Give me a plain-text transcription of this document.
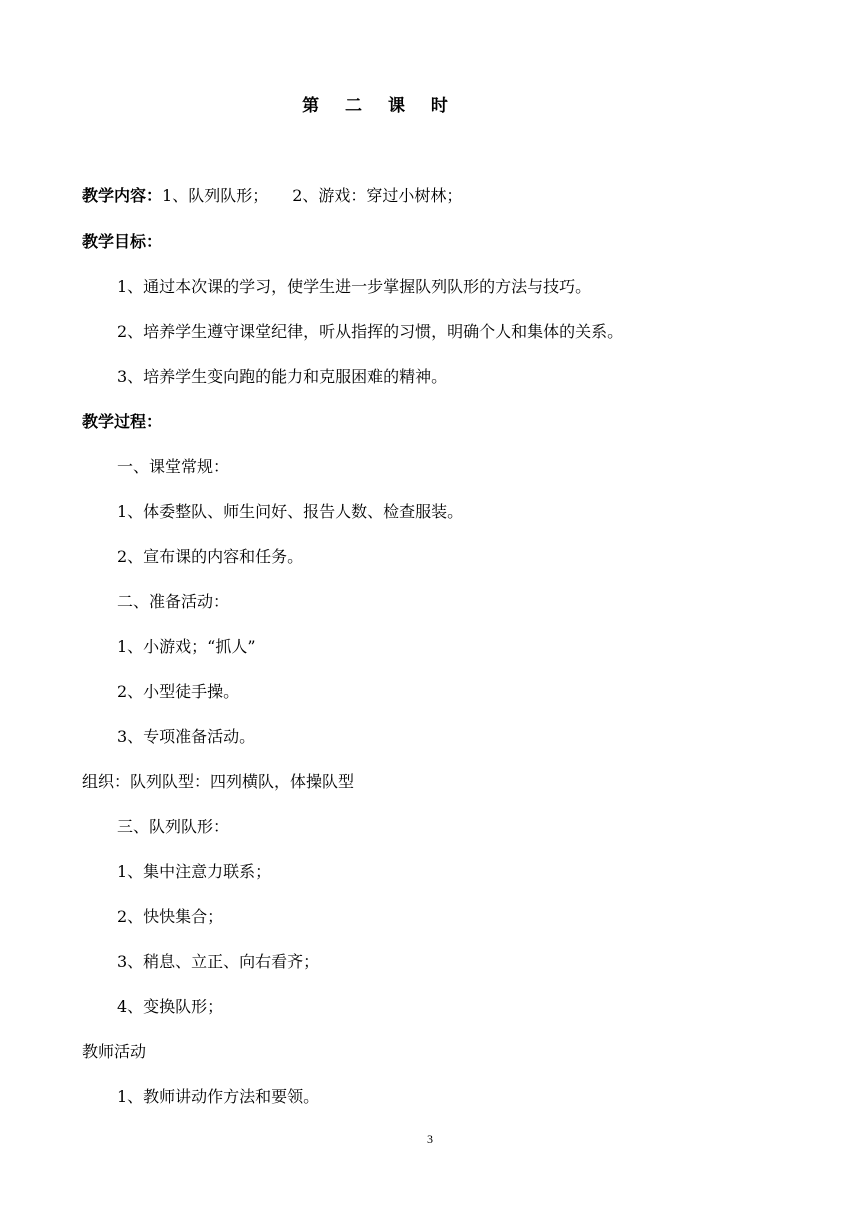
第 二 课 时
教学内容：1、队列队形； 2、游戏：穿过小树林；
教学目标：
1、通过本次课的学习，使学生进一步掌握队列队形的方法与技巧。
2、培养学生遵守课堂纪律，听从指挥的习惯，明确个人和集体的关系。
3、培养学生变向跑的能力和克服困难的精神。
教学过程：
一、课堂常规：
1、体委整队、师生问好、报告人数、检查服装。
2、宣布课的内容和任务。
二、准备活动：
1、小游戏；“抓人”
2、小型徒手操。
3、专项准备活动。
组织：队列队型：四列横队，体操队型
三、队列队形：
1、集中注意力联系；
2、快快集合；
3、稍息、立正、向右看齐；
4、变换队形；
教师活动
1、教师讲动作方法和要领。
3
